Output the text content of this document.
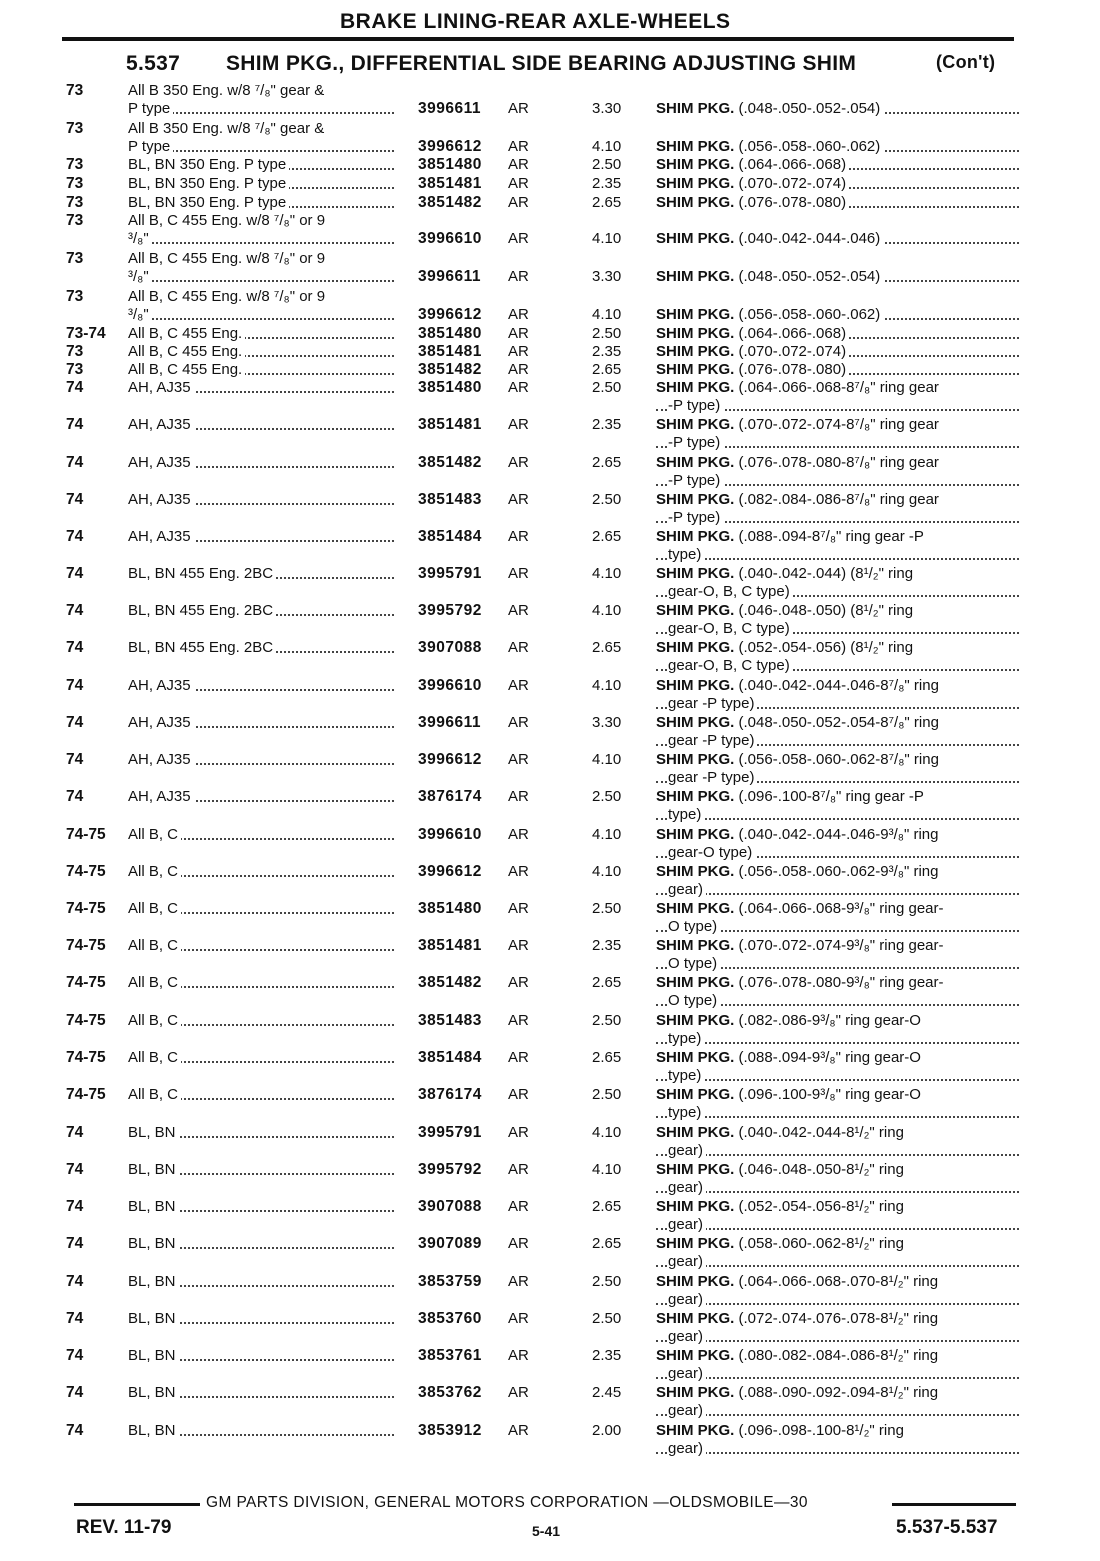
BRAKE LINING-REAR AXLE-WHEELS
5.537 SHIM PKG., DIFFERENTIAL SIDE BEARING ADJUSTING SHIM	(Con't)
73	All B 350 Eng. w/8 ⁷/₈" gear &
P type	3996611 AR	3.30 SHIM PKG. (.048-.050-.052-.054)
73	All B 350 Eng. w/8 ⁷/₈" gear &
P type	3996612 AR	4.10 SHIM PKG. (.056-.058-.060-.062)
73	BL, BN 350 Eng. P type	3851480 AR	2.50 SHIM PKG. (.064-.066-.068)
73	BL, BN 350 Eng. P type	3851481 AR	2.35 SHIM PKG. (.070-.072-.074)
73	BL, BN 350 Eng. P type	3851482 AR	2.65 SHIM PKG. (.076-.078-.080)
73	All B, C 455 Eng. w/8 ⁷/₈" or 9
³/₈"	3996610 AR	4.10 SHIM PKG. (.040-.042-.044-.046)
73	All B, C 455 Eng. w/8 ⁷/₈" or 9
³/₈"	3996611 AR	3.30 SHIM PKG. (.048-.050-.052-.054)
73	All B, C 455 Eng. w/8 ⁷/₈" or 9
³/₈"	3996612 AR	4.10 SHIM PKG. (.056-.058-.060-.062)
73-74 All B, C 455 Eng.	3851480 AR	2.50 SHIM PKG. (.064-.066-.068)
73	All B, C 455 Eng.	3851481 AR	2.35 SHIM PKG. (.070-.072-.074)
73	All B, C 455 Eng.	3851482 AR	2.65 SHIM PKG. (.076-.078-.080)
74	AH, AJ35	3851480 AR	2.50 SHIM PKG. (.064-.066-.068-8⁷/₈" ring gear
-P type)
74	AH, AJ35	3851481 AR	2.35 SHIM PKG. (.070-.072-.074-8⁷/₈" ring gear
-P type)
74	AH, AJ35	3851482 AR	2.65 SHIM PKG. (.076-.078-.080-8⁷/₈" ring gear
-P type)
74	AH, AJ35	3851483 AR	2.50 SHIM PKG. (.082-.084-.086-8⁷/₈" ring gear
-P type)
74	AH, AJ35	3851484 AR	2.65 SHIM PKG. (.088-.094-8⁷/₈" ring gear -P
type)
74	BL, BN 455 Eng. 2BC	3995791 AR	4.10 SHIM PKG. (.040-.042-.044) (8¹/₂" ring
gear-O, B, C type)
74	BL, BN 455 Eng. 2BC	3995792 AR	4.10 SHIM PKG. (.046-.048-.050) (8¹/₂" ring
gear-O, B, C type)
74	BL, BN 455 Eng. 2BC	3907088 AR	2.65 SHIM PKG. (.052-.054-.056) (8¹/₂" ring
gear-O, B, C type)
74	AH, AJ35	3996610 AR	4.10 SHIM PKG. (.040-.042-.044-.046-8⁷/₈" ring
gear -P type)
74	AH, AJ35	3996611 AR	3.30 SHIM PKG. (.048-.050-.052-.054-8⁷/₈" ring
gear -P type)
74	AH, AJ35	3996612 AR	4.10 SHIM PKG. (.056-.058-.060-.062-8⁷/₈" ring
gear -P type)
74	AH, AJ35	3876174 AR	2.50 SHIM PKG. (.096-.100-8⁷/₈" ring gear -P
type)
74-75 All B, C	3996610 AR	4.10 SHIM PKG. (.040-.042-.044-.046-9³/₈" ring
gear-O type)
74-75 All B, C	3996612 AR	4.10 SHIM PKG. (.056-.058-.060-.062-9³/₈" ring
gear)
74-75 All B, C	3851480 AR	2.50 SHIM PKG. (.064-.066-.068-9³/₈" ring gear-
O type)
74-75 All B, C	3851481 AR	2.35 SHIM PKG. (.070-.072-.074-9³/₈" ring gear-
O type)
74-75 All B, C	3851482 AR	2.65 SHIM PKG. (.076-.078-.080-9³/₈" ring gear-
O type)
74-75 All B, C	3851483 AR	2.50 SHIM PKG. (.082-.086-9³/₈" ring gear-O
type)
74-75 All B, C	3851484 AR	2.65 SHIM PKG. (.088-.094-9³/₈" ring gear-O
type)
74-75 All B, C	3876174 AR	2.50 SHIM PKG. (.096-.100-9³/₈" ring gear-O
type)
74	BL, BN	3995791 AR	4.10 SHIM PKG. (.040-.042-.044-8¹/₂" ring
gear)
74	BL, BN	3995792 AR	4.10 SHIM PKG. (.046-.048-.050-8¹/₂" ring
gear)
74	BL, BN	3907088 AR	2.65 SHIM PKG. (.052-.054-.056-8¹/₂" ring
gear)
74	BL, BN	3907089 AR	2.65 SHIM PKG. (.058-.060-.062-8¹/₂" ring
gear)
74	BL, BN	3853759 AR	2.50 SHIM PKG. (.064-.066-.068-.070-8¹/₂" ring
gear)
74	BL, BN	3853760 AR	2.50 SHIM PKG. (.072-.074-.076-.078-8¹/₂" ring
gear)
74	BL, BN	3853761 AR	2.35 SHIM PKG. (.080-.082-.084-.086-8¹/₂" ring
gear)
74	BL, BN	3853762 AR	2.45 SHIM PKG. (.088-.090-.092-.094-8¹/₂" ring
gear)
74	BL, BN	3853912 AR	2.00 SHIM PKG. (.096-.098-.100-8¹/₂" ring
gear)
GM PARTS DIVISION, GENERAL MOTORS CORPORATION —OLDSMOBILE—30
REV. 11-79	5-41	5.537-5.537
